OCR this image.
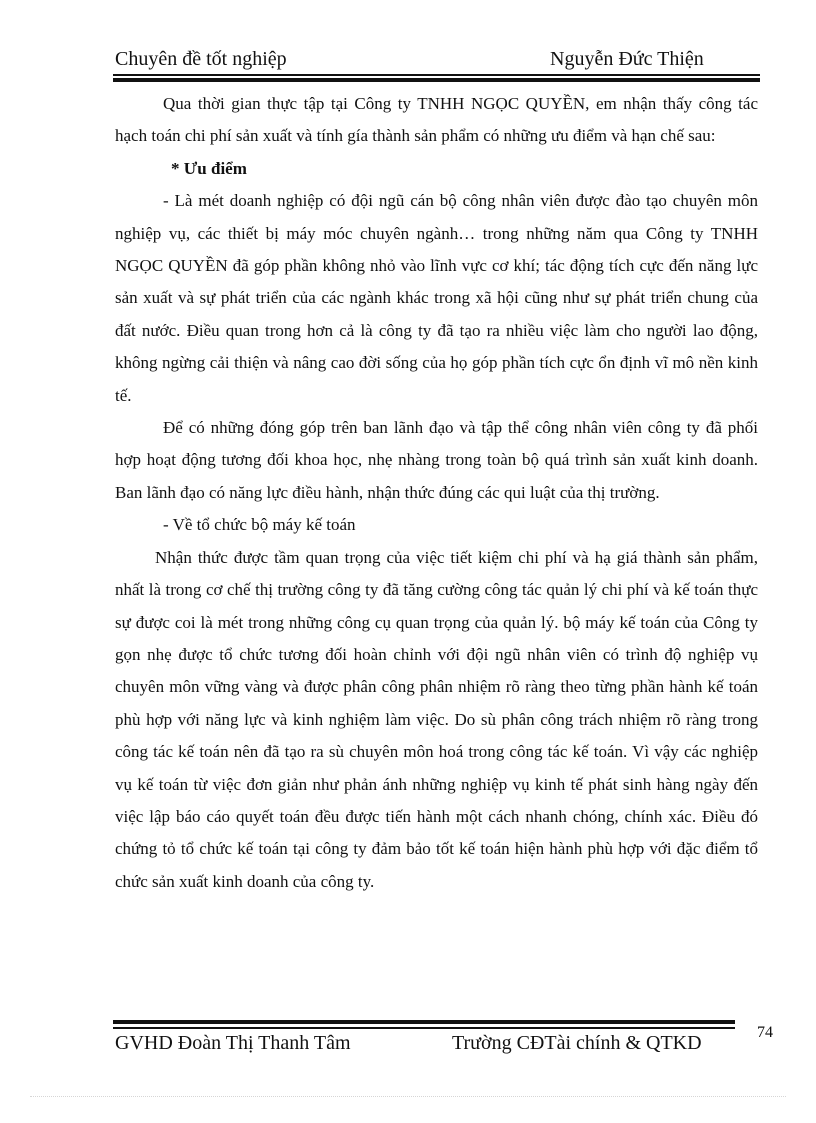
Chuyên đề tốt nghiệp	Nguyễn Đức Thiện

Qua thời gian thực tập tại Công ty TNHH NGỌC QUYỀN, em nhận thấy công tác hạch toán chi phí sản xuất và tính gía thành sản phẩm có những ưu điểm và hạn chế sau:

* Ưu điểm

- Là mét doanh nghiệp có đội ngũ cán bộ công nhân viên được đào tạo chuyên môn nghiệp vụ, các thiết bị máy móc chuyên ngành… trong những năm qua Công ty TNHH NGỌC QUYỀN đã góp phần không nhỏ vào lĩnh vực cơ khí; tác động tích cực đến năng lực sản xuất và sự phát triển của các ngành khác trong xã hội cũng như sự phát triển chung của đất nước. Điều quan trong hơn cả là công ty đã tạo ra nhiều việc làm cho người lao động, không ngừng cải thiện và nâng cao đời sống của họ góp phần tích cực ổn định vĩ mô nền kinh tế.

Để có những đóng góp trên ban lãnh đạo và tập thể công nhân viên công ty đã phối hợp hoạt động tương đối khoa học, nhẹ nhàng trong toàn bộ quá trình sản xuất kinh doanh. Ban lãnh đạo có năng lực điều hành, nhận thức đúng các qui luật của thị trường.

- Về tổ chức bộ máy kế toán

Nhận thức được tầm quan trọng của việc tiết kiệm chi phí và hạ giá thành sản phẩm, nhất là trong cơ chế thị trường công ty đã tăng cường công tác quản lý chi phí và kế toán thực sự được coi là mét trong những công cụ quan trọng của quản lý. bộ máy kế toán của Công ty gọn nhẹ được tổ chức tương đối hoàn chỉnh với đội ngũ nhân viên có trình độ nghiệp vụ chuyên môn vững vàng và được phân công phân nhiệm rõ ràng theo từng phần hành kế toán phù hợp với năng lực và kinh nghiệm làm việc. Do sù phân công trách nhiệm rõ ràng trong công tác kế toán nên đã tạo ra sù chuyên môn hoá trong công tác kế toán. Vì vậy các nghiệp vụ kế toán từ việc đơn giản như phản ánh những nghiệp vụ kinh tế phát sinh hàng ngày đến việc lập báo cáo quyết toán đều được tiến hành một cách nhanh chóng, chính xác. Điều đó chứng tỏ tổ chức kế toán tại công ty đảm bảo tốt kế toán hiện hành phù hợp với đặc điểm tổ chức sản xuất kinh doanh của công ty.

GVHD Đoàn Thị Thanh Tâm	Trường CĐTài chính & QTKD	74
